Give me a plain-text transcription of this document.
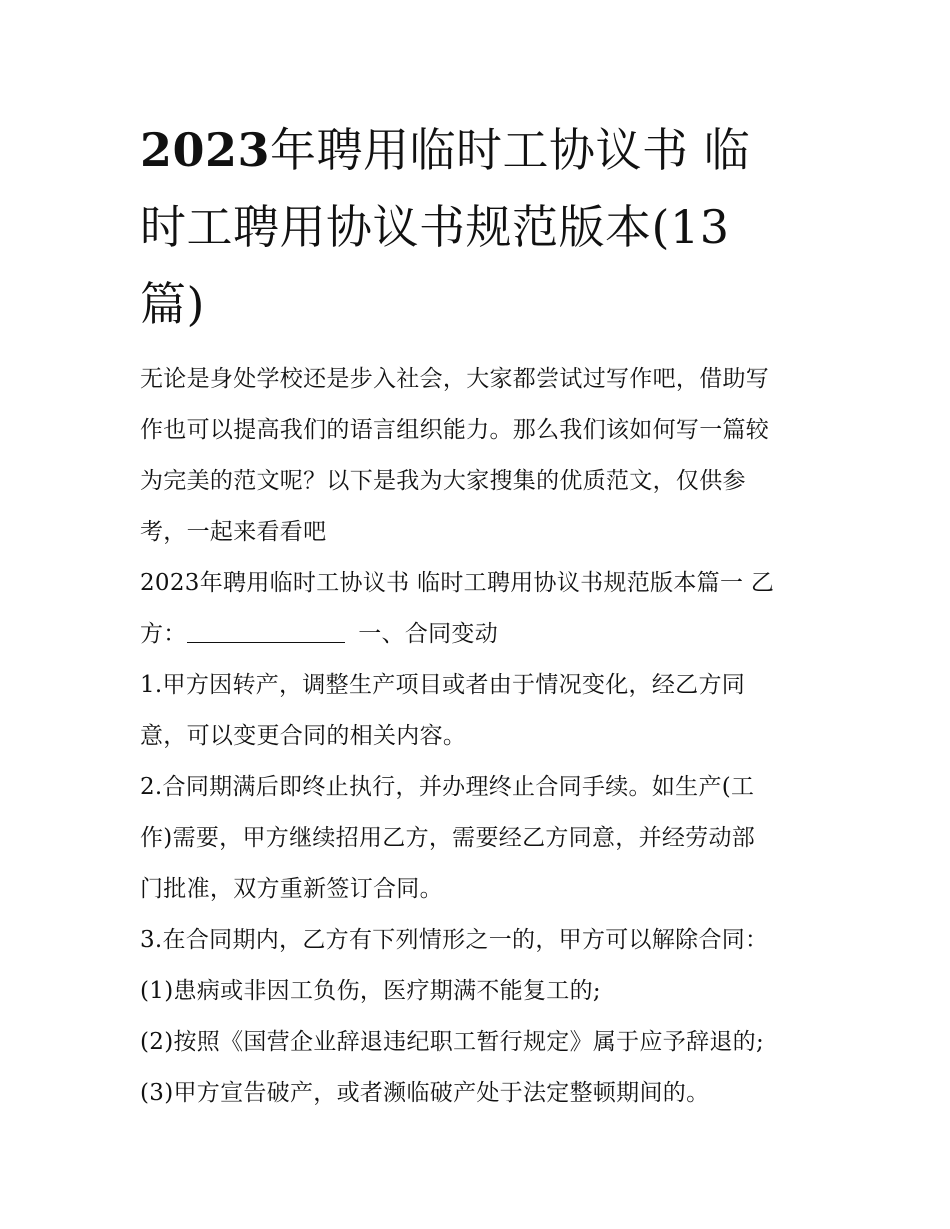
2023年聘用临时工协议书 临
时工聘用协议书规范版本(13
篇)
无论是身处学校还是步入社会，大家都尝试过写作吧，借助写
作也可以提高我们的语言组织能力。那么我们该如何写一篇较
为完美的范文呢？以下是我为大家搜集的优质范文，仅供参
考，一起来看看吧
2023年聘用临时工协议书 临时工聘用协议书规范版本篇一 乙
方：	一、合同变动
1.甲方因转产，调整生产项目或者由于情况变化，经乙方同
意，可以变更合同的相关内容。
2.合同期满后即终止执行，并办理终止合同手续。如生产(工
作)需要，甲方继续招用乙方，需要经乙方同意，并经劳动部
门批准，双方重新签订合同。
3.在合同期内，乙方有下列情形之一的，甲方可以解除合同：
(1)患病或非因工负伤，医疗期满不能复工的;
(2)按照《国营企业辞退违纪职工暂行规定》属于应予辞退的;
(3)甲方宣告破产，或者濒临破产处于法定整顿期间的。
